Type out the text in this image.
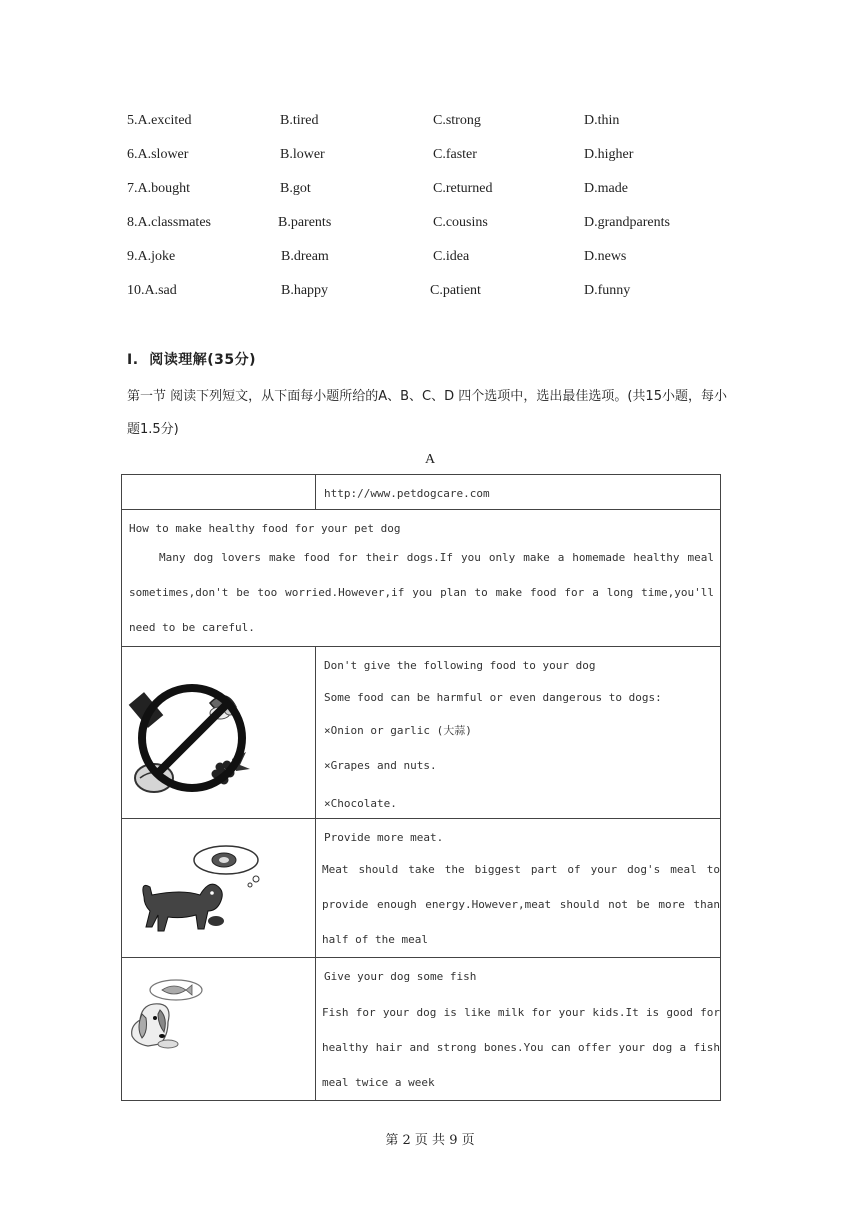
5.A.excited	B.tired	C.strong	D.thin
6.A.slower	B.lower	C.faster	D.higher
7.A.bought	B.got	C.returned	D.made
8.A.classmates	B.parents	C.cousins	D.grandparents
9.A.joke	B.dream	C.idea	D.news
10.A.sad	B.happy	C.patient	D.funny
I.  阅读理解(35分)
第一节 阅读下列短文，从下面每小题所给的A、B、C、D 四个选项中，选出最佳选项。(共15小题，每小题1.5分)
A

	http://www.petdogcare.com

How to make healthy food for your pet dog
Many dog lovers make food for their dogs.If you only make a homemade healthy meal sometimes,don't be too worried.However,if you plan to make food for a long time,you'll need to be careful.	

Don't give the following food to your dog

Some food can be harmful or even dangerous to dogs:

×Onion or garlic (大蒜)

×Grapes and nuts.

×Chocolate.

Provide more meat.

Meat should take the biggest part of your dog's meal to provide enough energy.However,meat should not be more than half of the meal

Give your dog some fish

Fish for your dog is like milk for your kids.It is good for healthy hair and strong bones.You can offer your dog a fish meal twice a week

第 2 页 共 9 页
